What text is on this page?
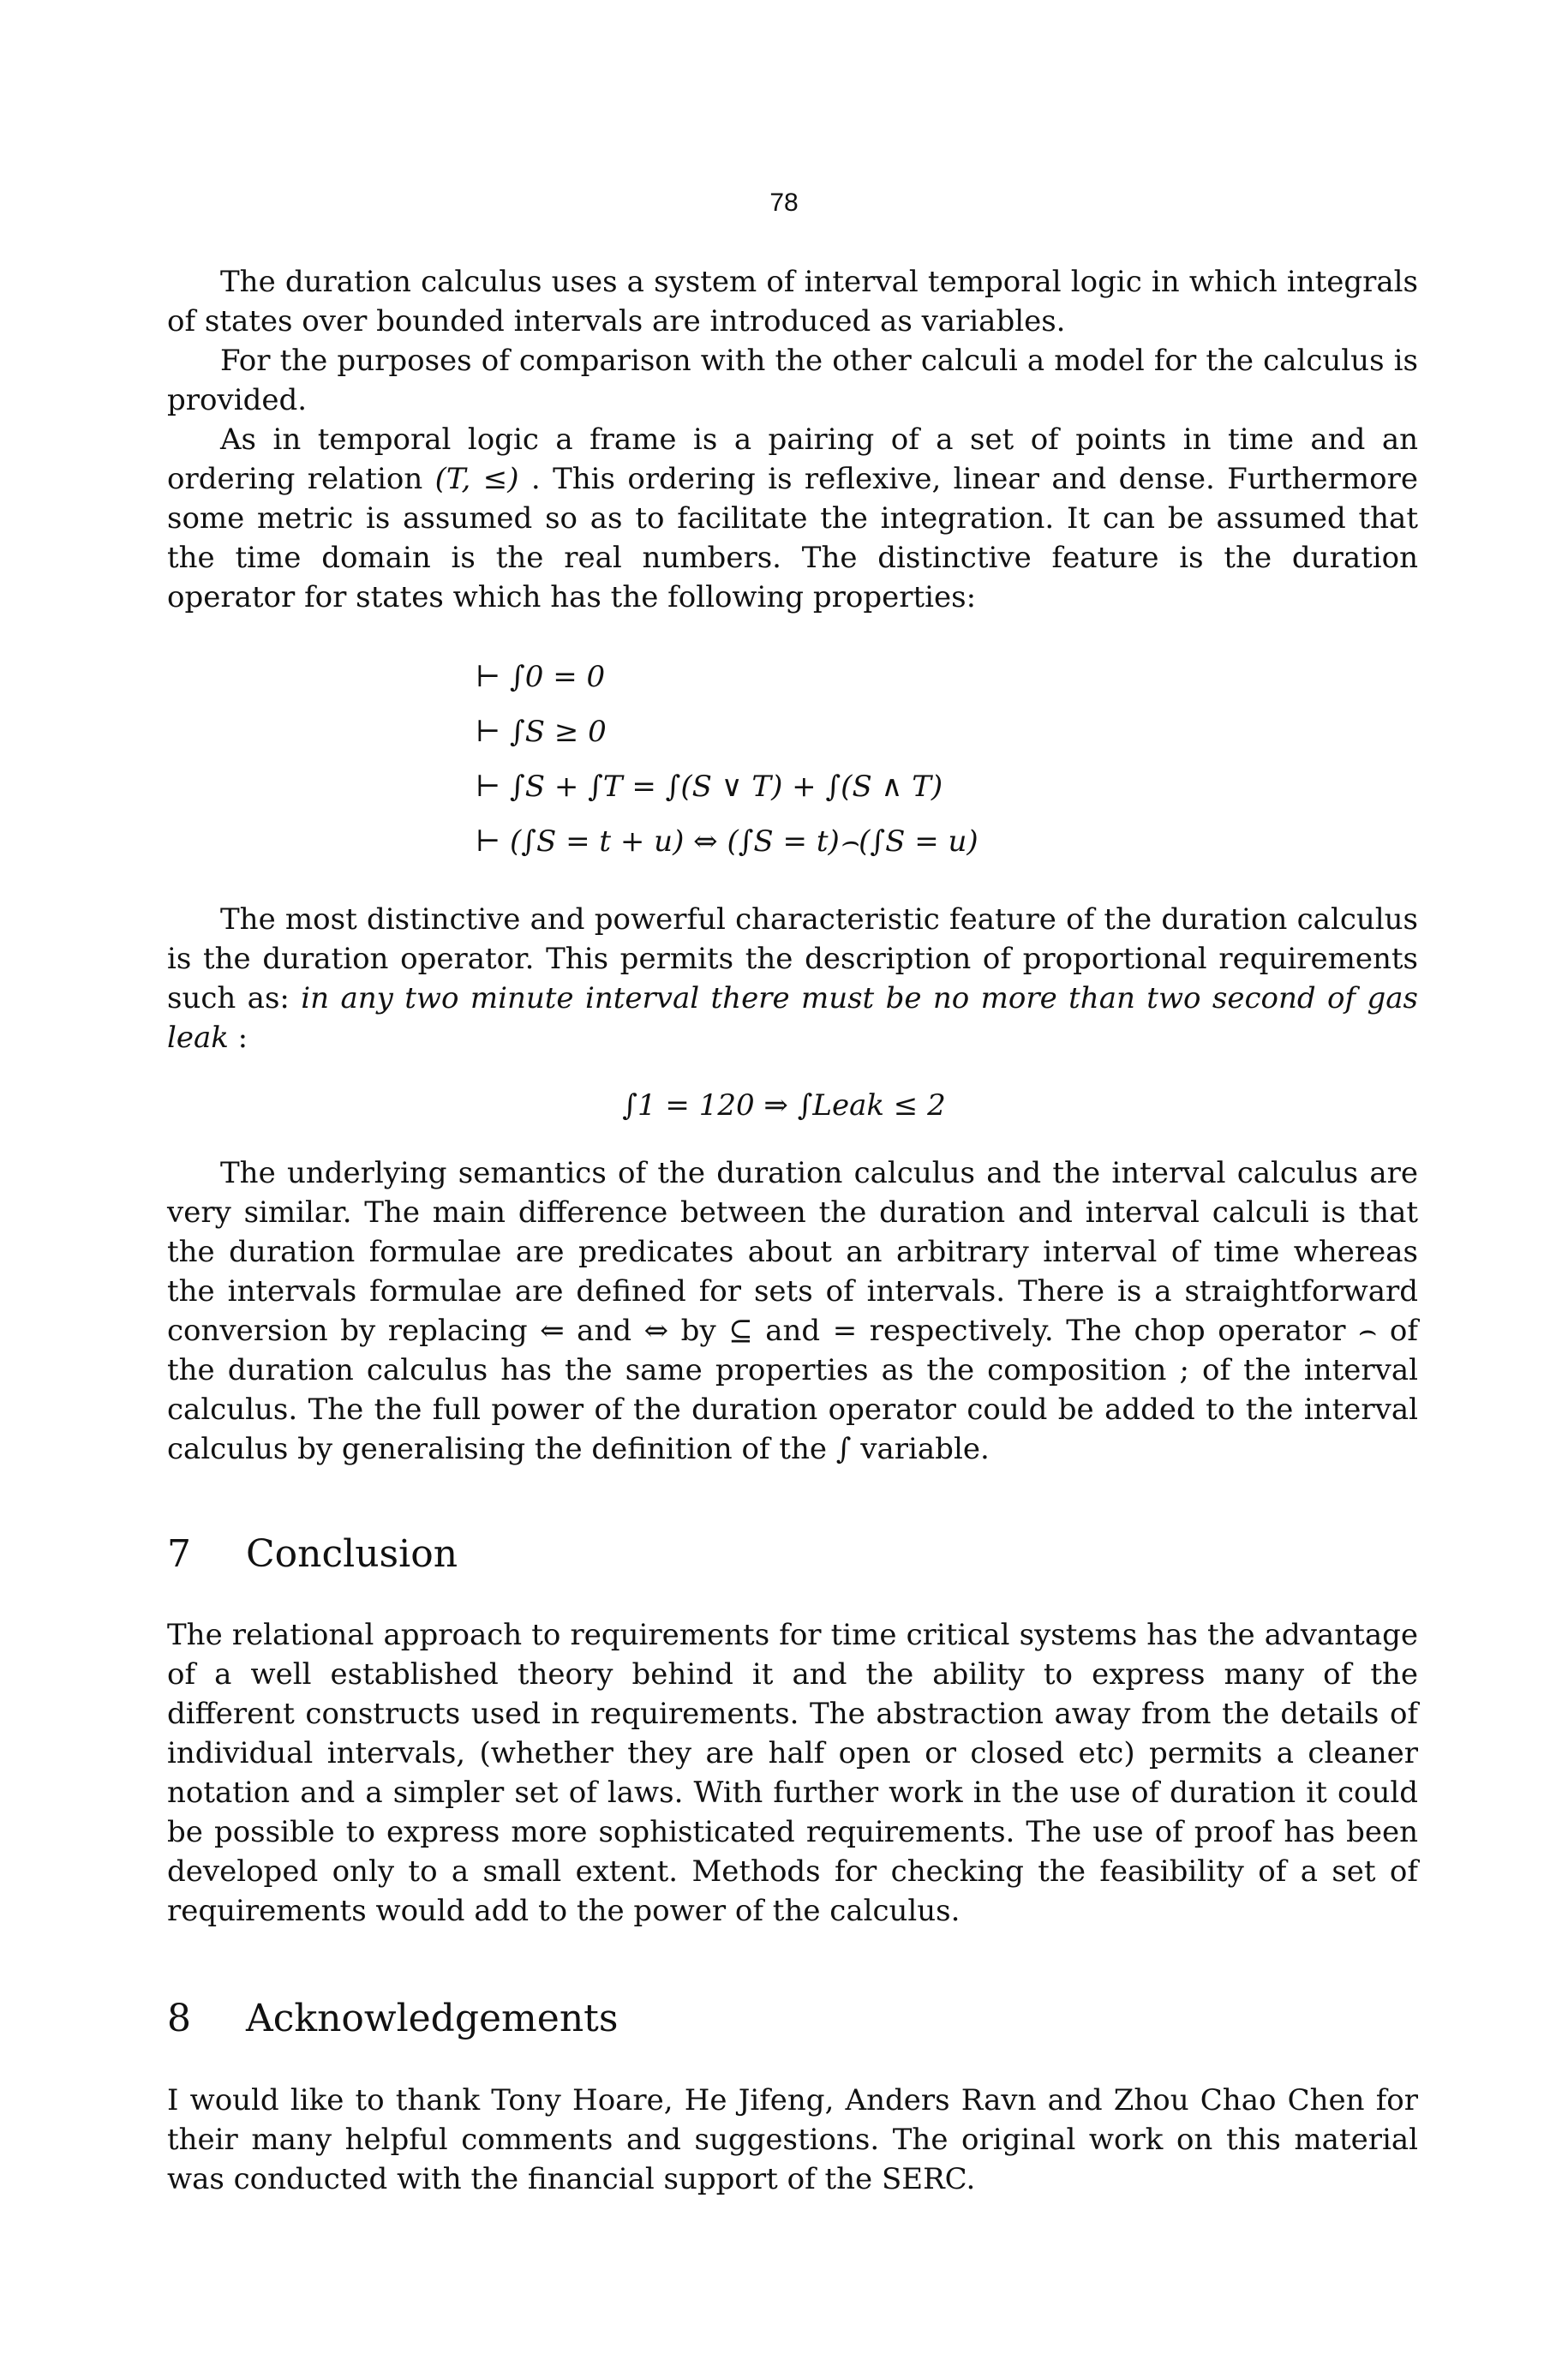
78

The duration calculus uses a system of interval temporal logic in which integrals of states over bounded intervals are introduced as variables.

For the purposes of comparison with the other calculi a model for the calculus is provided.

As in temporal logic a frame is a pairing of a set of points in time and an ordering relation (T, ≤) . This ordering is reflexive, linear and dense. Furthermore some metric is assumed so as to facilitate the integration. It can be assumed that the time domain is the real numbers. The distinctive feature is the duration operator for states which has the following properties:

⊢ ∫0 = 0
⊢ ∫S ≥ 0
⊢ ∫S + ∫T = ∫(S ∨ T) + ∫(S ∧ T)
⊢ (∫S = t + u) ⇔ (∫S = t)⌢(∫S = u)

The most distinctive and powerful characteristic feature of the duration calculus is the duration operator. This permits the description of proportional requirements such as: in any two minute interval there must be no more than two second of gas leak :

∫1 = 120 ⇒ ∫Leak ≤ 2

The underlying semantics of the duration calculus and the interval calculus are very similar. The main difference between the duration and interval calculi is that the duration formulae are predicates about an arbitrary interval of time whereas the intervals formulae are defined for sets of intervals. There is a straightforward conversion by replacing ⇐ and ⇔ by ⊆ and = respectively. The chop operator ⌢ of the duration calculus has the same properties as the composition ; of the interval calculus. The the full power of the duration operator could be added to the interval calculus by generalising the definition of the ∫ variable.

7 Conclusion

The relational approach to requirements for time critical systems has the advantage of a well established theory behind it and the ability to express many of the different constructs used in requirements. The abstraction away from the details of individual intervals, (whether they are half open or closed etc) permits a cleaner notation and a simpler set of laws. With further work in the use of duration it could be possible to express more sophisticated requirements. The use of proof has been developed only to a small extent. Methods for checking the feasibility of a set of requirements would add to the power of the calculus.

8 Acknowledgements

I would like to thank Tony Hoare, He Jifeng, Anders Ravn and Zhou Chao Chen for their many helpful comments and suggestions. The original work on this material was conducted with the financial support of the SERC.
